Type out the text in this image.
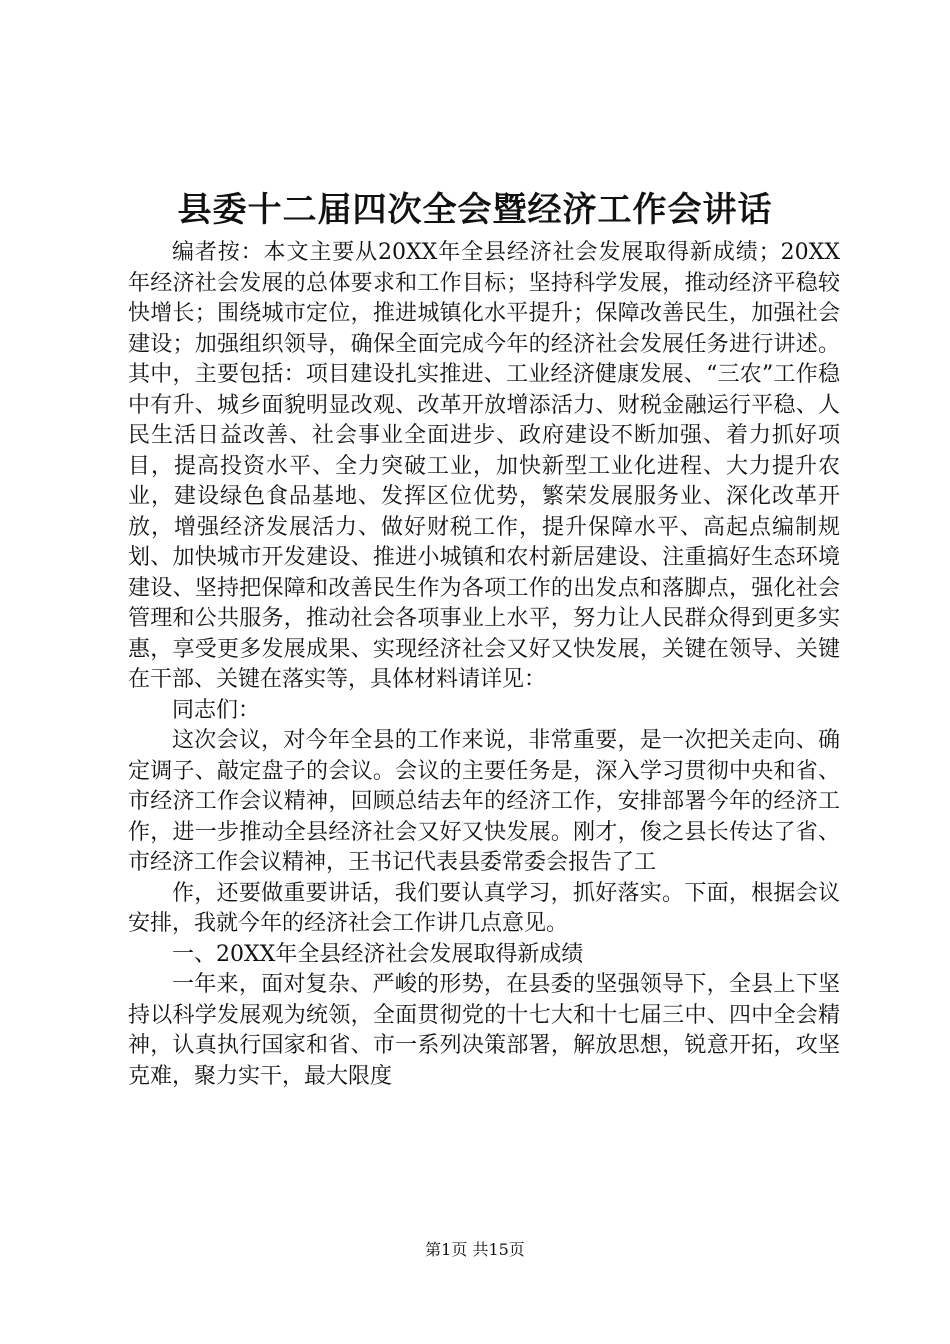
县委十二届四次全会暨经济工作会讲话

编者按：本文主要从20XX年全县经济社会发展取得新成绩；20XX年经济社会发展的总体要求和工作目标；坚持科学发展，推动经济平稳较快增长；围绕城市定位，推进城镇化水平提升；保障改善民生，加强社会建设；加强组织领导，确保全面完成今年的经济社会发展任务进行讲述。其中，主要包括：项目建设扎实推进、工业经济健康发展、“三农”工作稳中有升、城乡面貌明显改观、改革开放增添活力、财税金融运行平稳、人民生活日益改善、社会事业全面进步、政府建设不断加强、着力抓好项目，提高投资水平、全力突破工业，加快新型工业化进程、大力提升农业，建设绿色食品基地、发挥区位优势，繁荣发展服务业、深化改革开放，增强经济发展活力、做好财税工作，提升保障水平、高起点编制规划、加快城市开发建设、推进小城镇和农村新居建设、注重搞好生态环境建设、坚持把保障和改善民生作为各项工作的出发点和落脚点，强化社会管理和公共服务，推动社会各项事业上水平，努力让人民群众得到更多实惠，享受更多发展成果、实现经济社会又好又快发展，关键在领导、关键在干部、关键在落实等，具体材料请详见：

同志们：

这次会议，对今年全县的工作来说，非常重要，是一次把关走向、确定调子、敲定盘子的会议。会议的主要任务是，深入学习贯彻中央和省、市经济工作会议精神，回顾总结去年的经济工作，安排部署今年的经济工作，进一步推动全县经济社会又好又快发展。刚才，俊之县长传达了省、市经济工作会议精神，王书记代表县委常委会报告了工

作，还要做重要讲话，我们要认真学习，抓好落实。下面，根据会议安排，我就今年的经济社会工作讲几点意见。

一、20XX年全县经济社会发展取得新成绩

一年来，面对复杂、严峻的形势，在县委的坚强领导下，全县上下坚持以科学发展观为统领，全面贯彻党的十七大和十七届三中、四中全会精神，认真执行国家和省、市一系列决策部署，解放思想，锐意开拓，攻坚克难，聚力实干，最大限度

第1页 共15页
